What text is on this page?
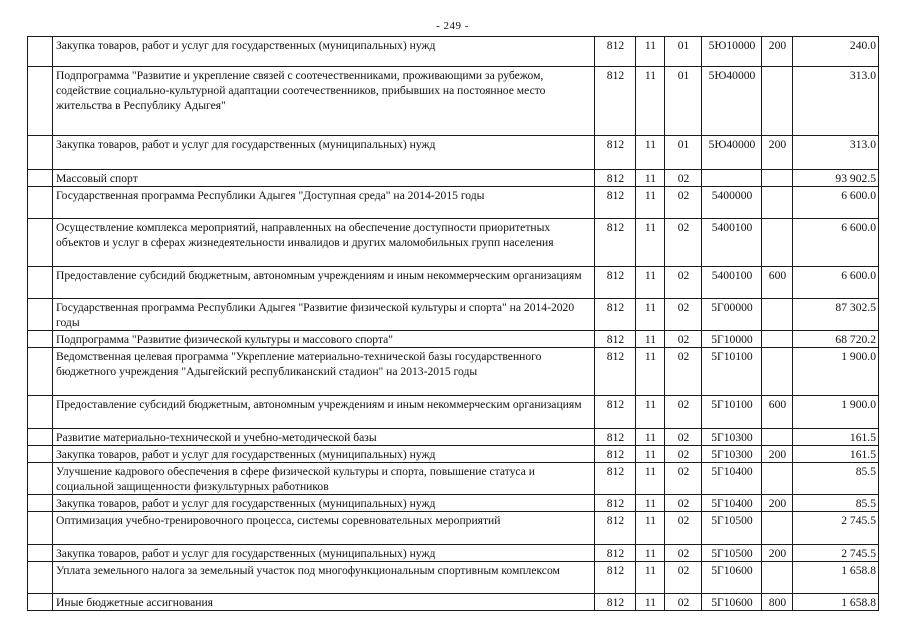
- 249 -
	Закупка товаров, работ и услуг для государственных (муниципальных) нужд	812	11	01	5Ю10000	200	240.0
	Подпрограмма "Развитие и укрепление связей с соотечественниками, проживающими за рубежом, содействие социально-культурной адаптации соотечественников, прибывших на постоянное место жительства в Республику Адыгея"	812	11	01	5Ю40000		313.0
	Закупка товаров, работ и услуг для государственных (муниципальных) нужд	812	11	01	5Ю40000	200	313.0
	Массовый спорт	812	11	02			93 902.5
	Государственная программа Республики Адыгея "Доступная среда" на 2014-2015 годы	812	11	02	5400000		6 600.0
	Осуществление комплекса мероприятий, направленных на обеспечение доступности приоритетных объектов и услуг в сферах жизнедеятельности инвалидов и других маломобильных групп населения	812	11	02	5400100		6 600.0
	Предоставление субсидий бюджетным, автономным учреждениям и иным некоммерческим организациям	812	11	02	5400100	600	6 600.0
	Государственная программа Республики Адыгея "Развитие физической культуры и спорта" на 2014-2020 годы	812	11	02	5Г00000		87 302.5
	Подпрограмма "Развитие физической культуры и массового спорта"	812	11	02	5Г10000		68 720.2
	Ведомственная целевая программа "Укрепление материально-технической базы государственного бюджетного учреждения "Адыгейский республиканский стадион" на 2013-2015 годы	812	11	02	5Г10100		1 900.0
	Предоставление субсидий бюджетным, автономным учреждениям и иным некоммерческим организациям	812	11	02	5Г10100	600	1 900.0
	Развитие материально-технической и учебно-методической базы	812	11	02	5Г10300		161.5
	Закупка товаров, работ и услуг для государственных (муниципальных) нужд	812	11	02	5Г10300	200	161.5
	Улучшение кадрового обеспечения в сфере физической культуры и спорта, повышение статуса и социальной защищенности физкультурных работников	812	11	02	5Г10400		85.5
	Закупка товаров, работ и услуг для государственных (муниципальных) нужд	812	11	02	5Г10400	200	85.5
	Оптимизация учебно-тренировочного процесса, системы соревновательных мероприятий	812	11	02	5Г10500		2 745.5
	Закупка товаров, работ и услуг для государственных (муниципальных) нужд	812	11	02	5Г10500	200	2 745.5
	Уплата земельного налога за земельный участок под многофункциональным спортивным комплексом	812	11	02	5Г10600		1 658.8
	Иные бюджетные ассигнования	812	11	02	5Г10600	800	1 658.8
